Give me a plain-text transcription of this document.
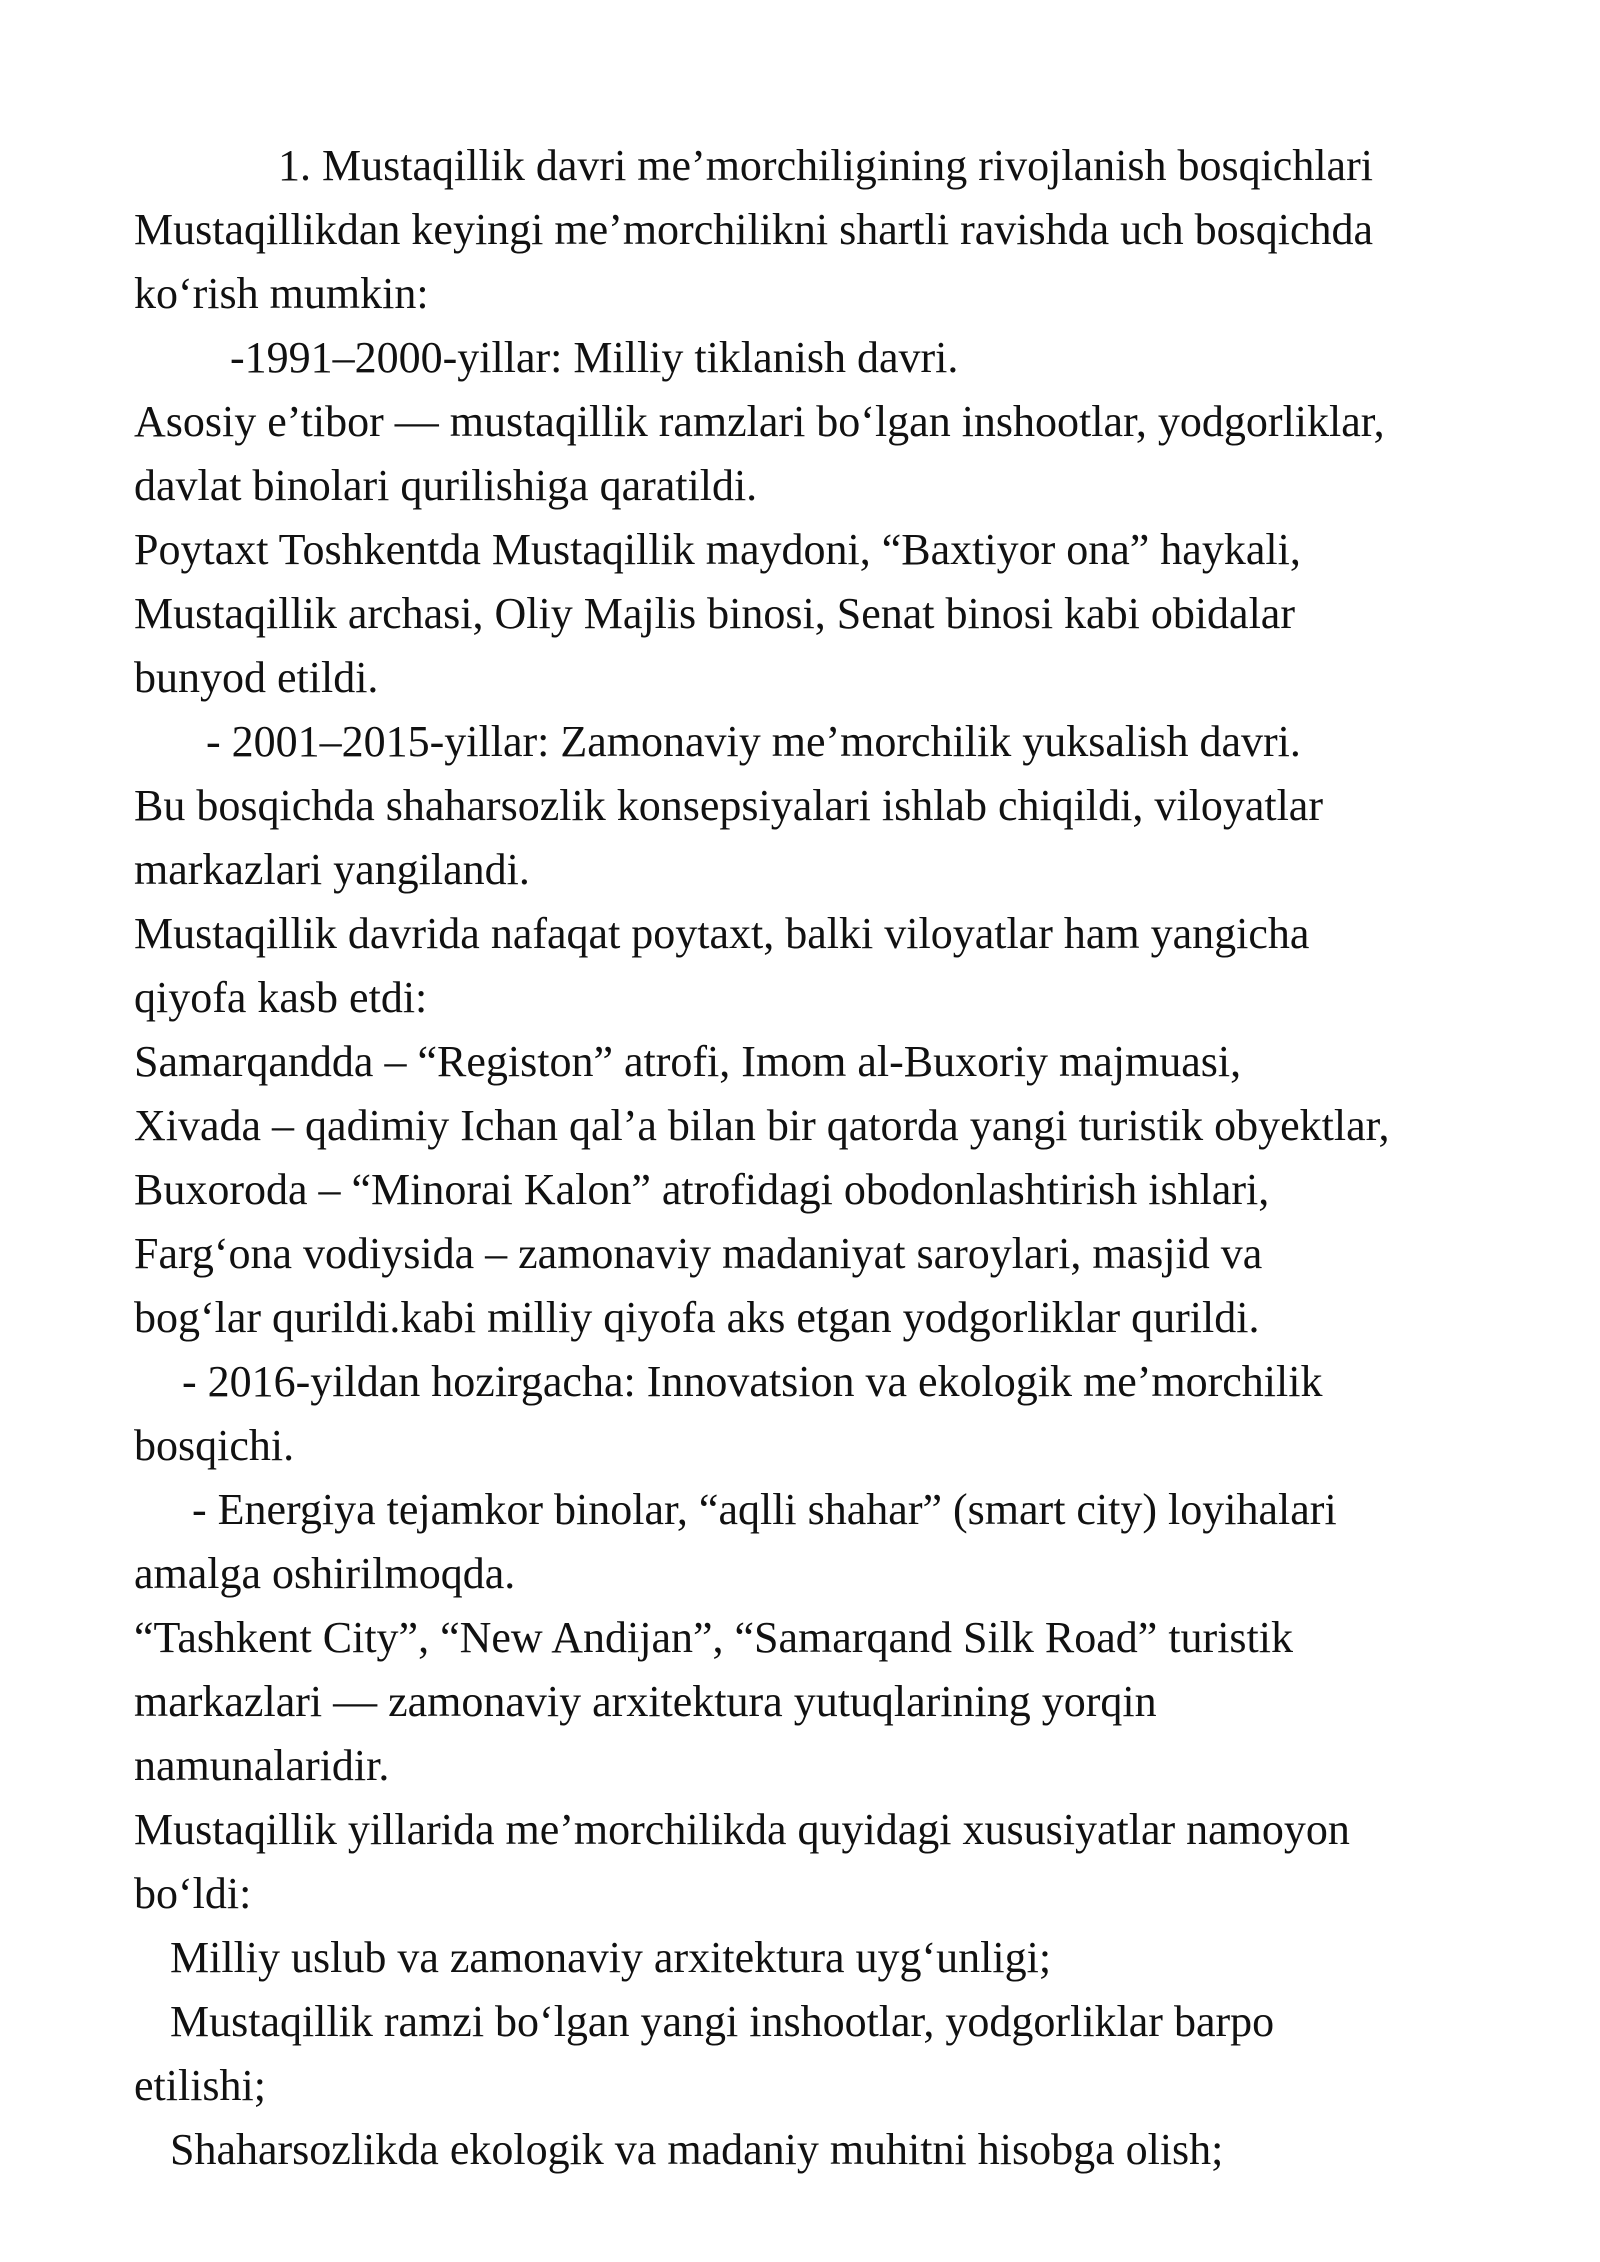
1. Mustaqillik davri me’morchiligining rivojlanish bosqichlari
Mustaqillikdan keyingi me’morchilikni shartli ravishda uch bosqichda
ko‘rish mumkin:
-1991–2000-yillar: Milliy tiklanish davri.
Asosiy e’tibor — mustaqillik ramzlari bo‘lgan inshootlar, yodgorliklar,
davlat binolari qurilishiga qaratildi.
Poytaxt Toshkentda Mustaqillik maydoni, “Baxtiyor ona” haykali,
Mustaqillik archasi, Oliy Majlis binosi, Senat binosi kabi obidalar
bunyod etildi.
- 2001–2015-yillar: Zamonaviy me’morchilik yuksalish davri.
Bu bosqichda shaharsozlik konsepsiyalari ishlab chiqildi, viloyatlar
markazlari yangilandi.
Mustaqillik davrida nafaqat poytaxt, balki viloyatlar ham yangicha
qiyofa kasb etdi:
Samarqandda – “Registon” atrofi, Imom al-Buxoriy majmuasi,
Xivada – qadimiy Ichan qal’a bilan bir qatorda yangi turistik obyektlar,
Buxoroda – “Minorai Kalon” atrofidagi obodonlashtirish ishlari,
Farg‘ona vodiysida – zamonaviy madaniyat saroylari, masjid va
bog‘lar qurildi.kabi milliy qiyofa aks etgan yodgorliklar qurildi.
- 2016-yildan hozirgacha: Innovatsion va ekologik me’morchilik
bosqichi.
- Energiya tejamkor binolar, “aqlli shahar” (smart city) loyihalari
amalga oshirilmoqda.
“Tashkent City”, “New Andijan”, “Samarqand Silk Road” turistik
markazlari — zamonaviy arxitektura yutuqlarining yorqin
namunalaridir.
Mustaqillik yillarida me’morchilikda quyidagi xususiyatlar namoyon
bo‘ldi:
Milliy uslub va zamonaviy arxitektura uyg‘unligi;
Mustaqillik ramzi bo‘lgan yangi inshootlar, yodgorliklar barpo
etilishi;
Shaharsozlikda ekologik va madaniy muhitni hisobga olish;
